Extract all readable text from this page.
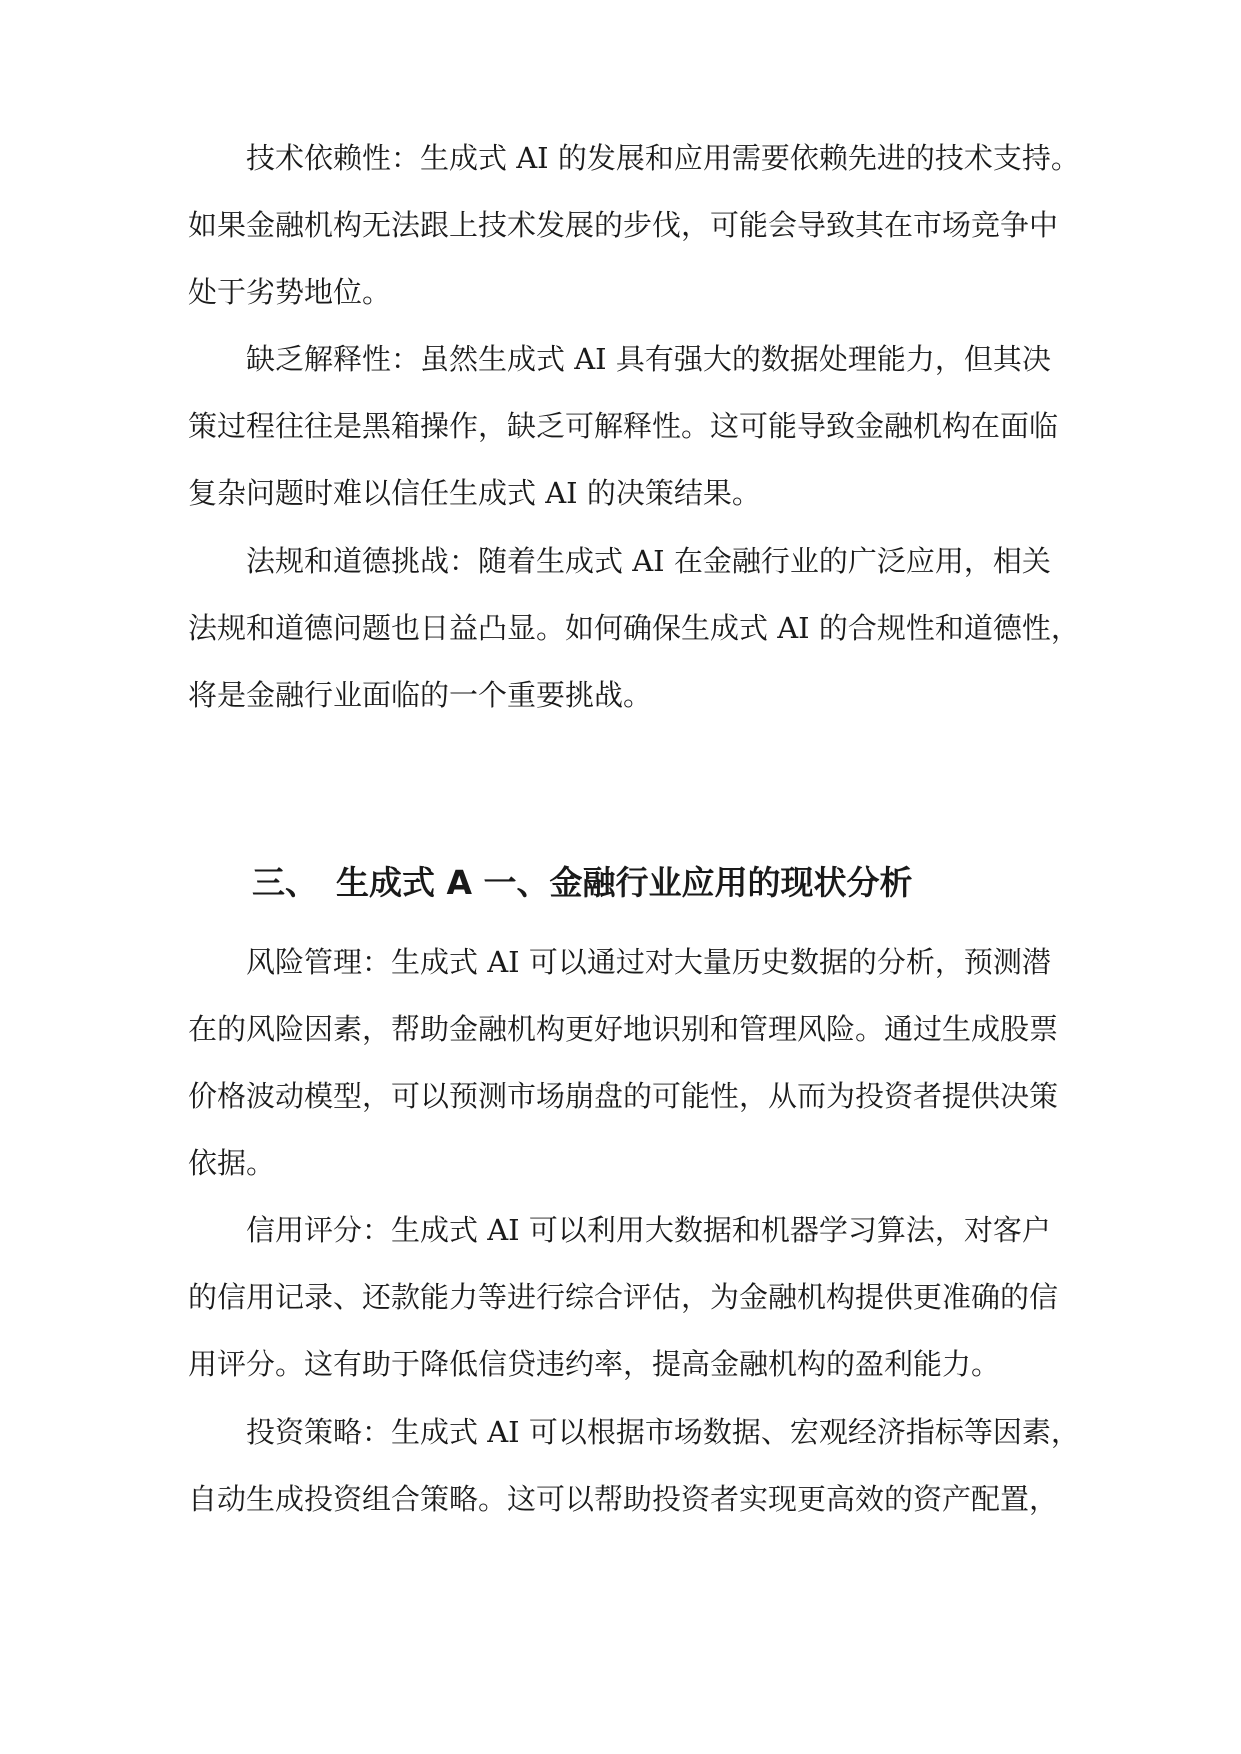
技术依赖性：生成式 AI 的发展和应用需要依赖先进的技术支持。
如果金融机构无法跟上技术发展的步伐，可能会导致其在市场竞争中
处于劣势地位。
缺乏解释性：虽然生成式 AI 具有强大的数据处理能力，但其决
策过程往往是黑箱操作，缺乏可解释性。这可能导致金融机构在面临
复杂问题时难以信任生成式 AI 的决策结果。
法规和道德挑战：随着生成式 AI 在金融行业的广泛应用，相关
法规和道德问题也日益凸显。如何确保生成式 AI 的合规性和道德性，
将是金融行业面临的一个重要挑战。
三、 生成式 A 一、金融行业应用的现状分析
风险管理：生成式 AI 可以通过对大量历史数据的分析，预测潜
在的风险因素，帮助金融机构更好地识别和管理风险。通过生成股票
价格波动模型，可以预测市场崩盘的可能性，从而为投资者提供决策
依据。
信用评分：生成式 AI 可以利用大数据和机器学习算法，对客户
的信用记录、还款能力等进行综合评估，为金融机构提供更准确的信
用评分。这有助于降低信贷违约率，提高金融机构的盈利能力。
投资策略：生成式 AI 可以根据市场数据、宏观经济指标等因素，
自动生成投资组合策略。这可以帮助投资者实现更高效的资产配置，
